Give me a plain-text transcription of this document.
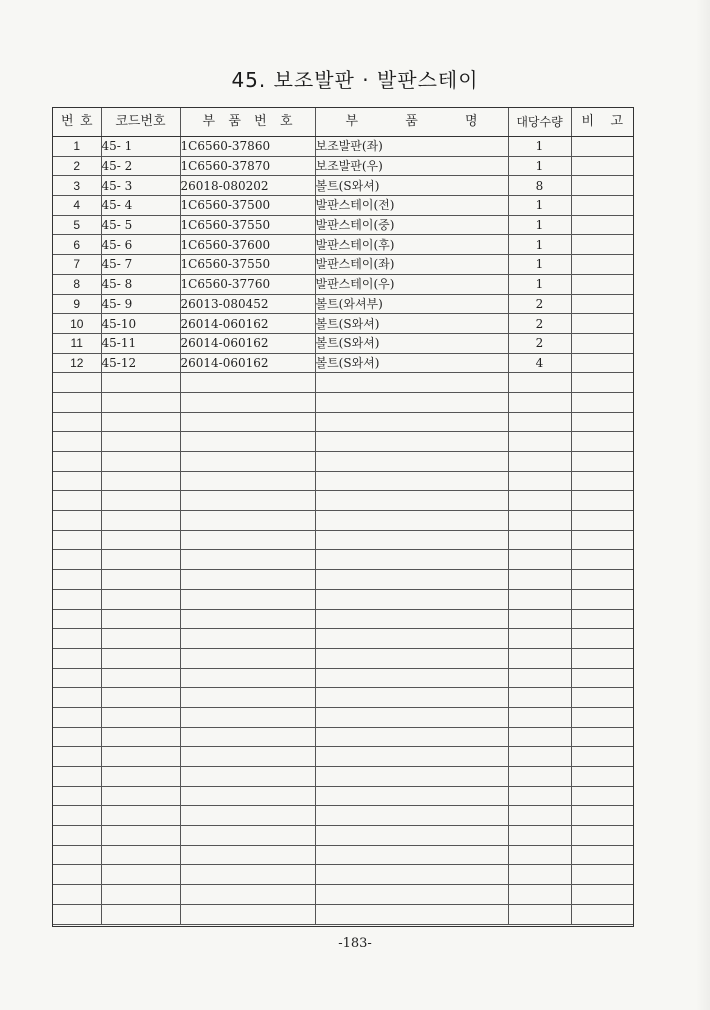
45. 보조발판 · 발판스테이
번 호	코드번호	부 품 번 호	부 품 명	대당수량	비 고

1	45- 1	1C6560-37860	보조발판(좌)	1	
2	45- 2	1C6560-37870	보조발판(우)	1	
3	45- 3	26018-080202	볼트(S와셔)	8	
4	45- 4	1C6560-37500	발판스테이(전)	1	
5	45- 5	1C6560-37550	발판스테이(중)	1	
6	45- 6	1C6560-37600	발판스테이(후)	1	
7	45- 7	1C6560-37550	발판스테이(좌)	1	
8	45- 8	1C6560-37760	발판스테이(우)	1	
9	45- 9	26013-080452	볼트(와셔부)	2	
10	45-10	26014-060162	볼트(S와셔)	2	
11	45-11	26014-060162	볼트(S와셔)	2	
12	45-12	26014-060162	볼트(S와셔)	4	

-183-
